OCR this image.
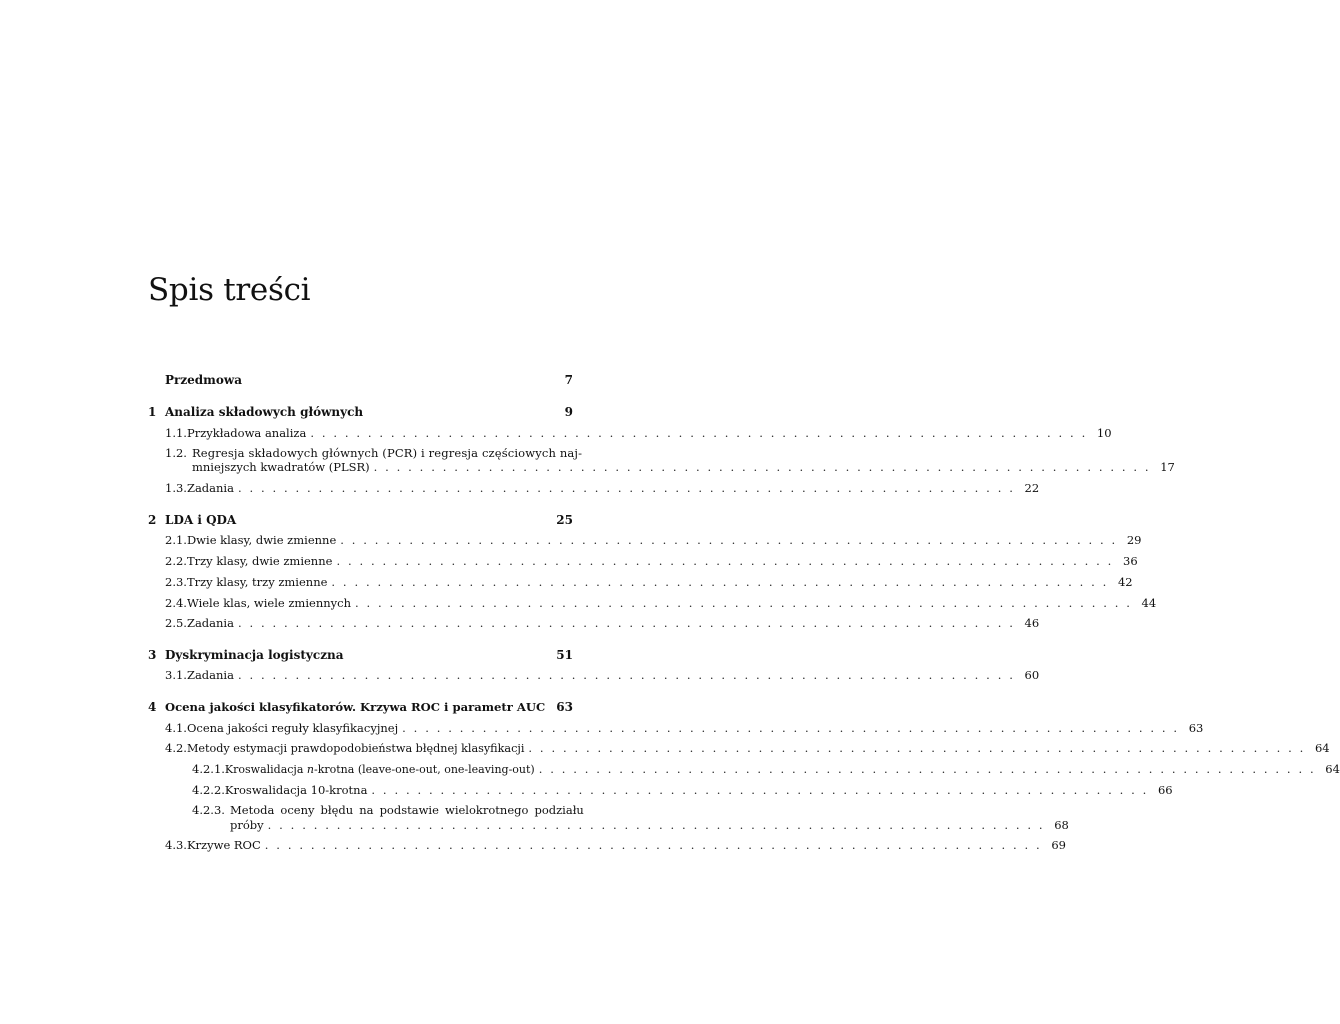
Spis treści
Przedmowa	7
1 Analiza składowych głównych	9
1.1. Przykładowa analiza . . .	10
1.2. Regresja składowych głównych (PCR) i regresja częściowych naj-
mniejszych kwadratów (PLSR) . . .	17
1.3. Zadania . . .	22
2 LDA i QDA	25
2.1. Dwie klasy, dwie zmienne . . .	29
2.2. Trzy klasy, dwie zmienne . . .	36
2.3. Trzy klasy, trzy zmienne . . .	42
2.4. Wiele klas, wiele zmiennych . . .	44
2.5. Zadania . . .	46
3 Dyskryminacja logistyczna	51
3.1. Zadania . . .	60
4 Ocena jakości klasyfikatorów. Krzywa ROC i parametr AUC 63
4.1. Ocena jakości reguły klasyfikacyjnej . . .	63
4.2. Metody estymacji prawdopodobieństwa błędnej klasyfikacji . . .	64
4.2.1. Kroswalidacja n-krotna (leave-one-out, one-leaving-out) . . .	64
4.2.2. Kroswalidacja 10-krotna . . .	66
4.2.3. Metoda oceny błędu na podstawie wielokrotnego podziału
próby . . .	68
4.3. Krzywe ROC . . .	69
